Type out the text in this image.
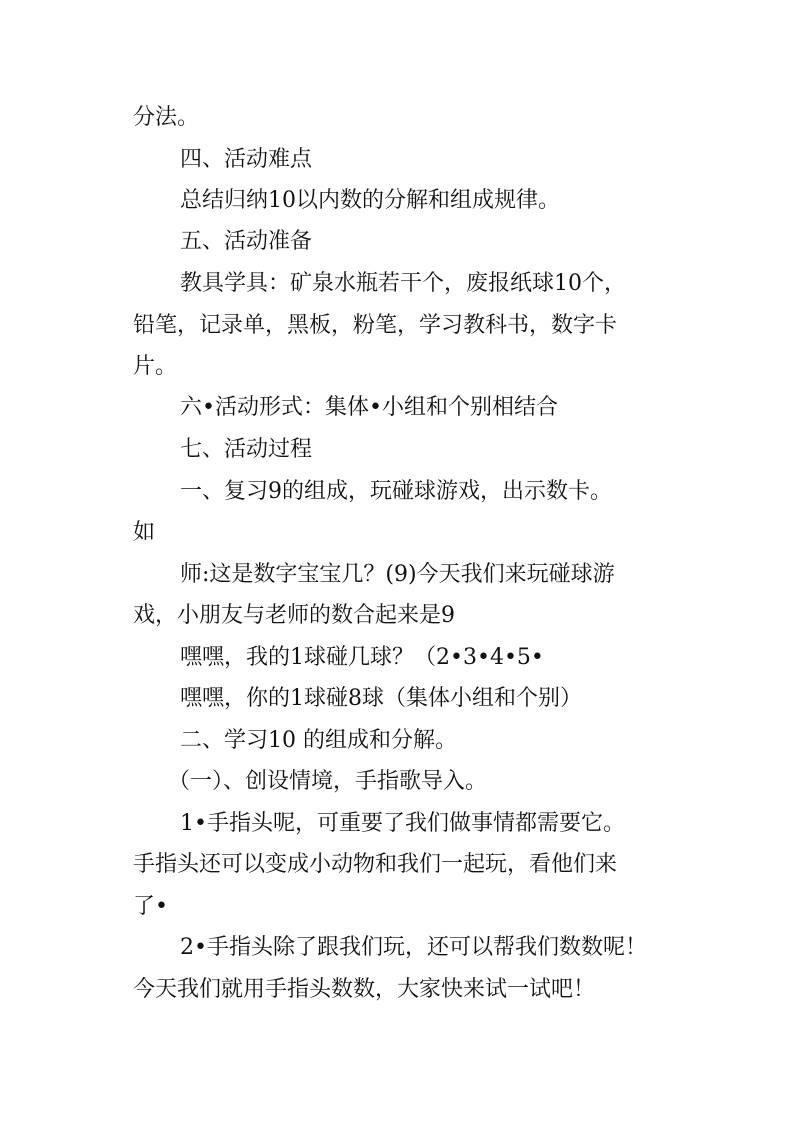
分法。
四、活动难点
总结归纳10以内数的分解和组成规律。
五、活动准备
教具学具：矿泉水瓶若干个，废报纸球10个，
铅笔，记录单，黑板，粉笔，学习教科书，数字卡
片。
六•活动形式：集体•小组和个别相结合
七、活动过程
一、复习9的组成，玩碰球游戏，出示数卡。
如
师:这是数字宝宝几？(9)今天我们来玩碰球游
戏，小朋友与老师的数合起来是9
嘿嘿，我的1球碰几球？（2•3•4•5•
嘿嘿，你的1球碰8球（集体小组和个别）
二、学习10 的组成和分解。
（一）、创设情境，手指歌导入。
1•手指头呢，可重要了我们做事情都需要它。
手指头还可以变成小动物和我们一起玩，看他们来
了•
2•手指头除了跟我们玩，还可以帮我们数数呢！
今天我们就用手指头数数，大家快来试一试吧！
